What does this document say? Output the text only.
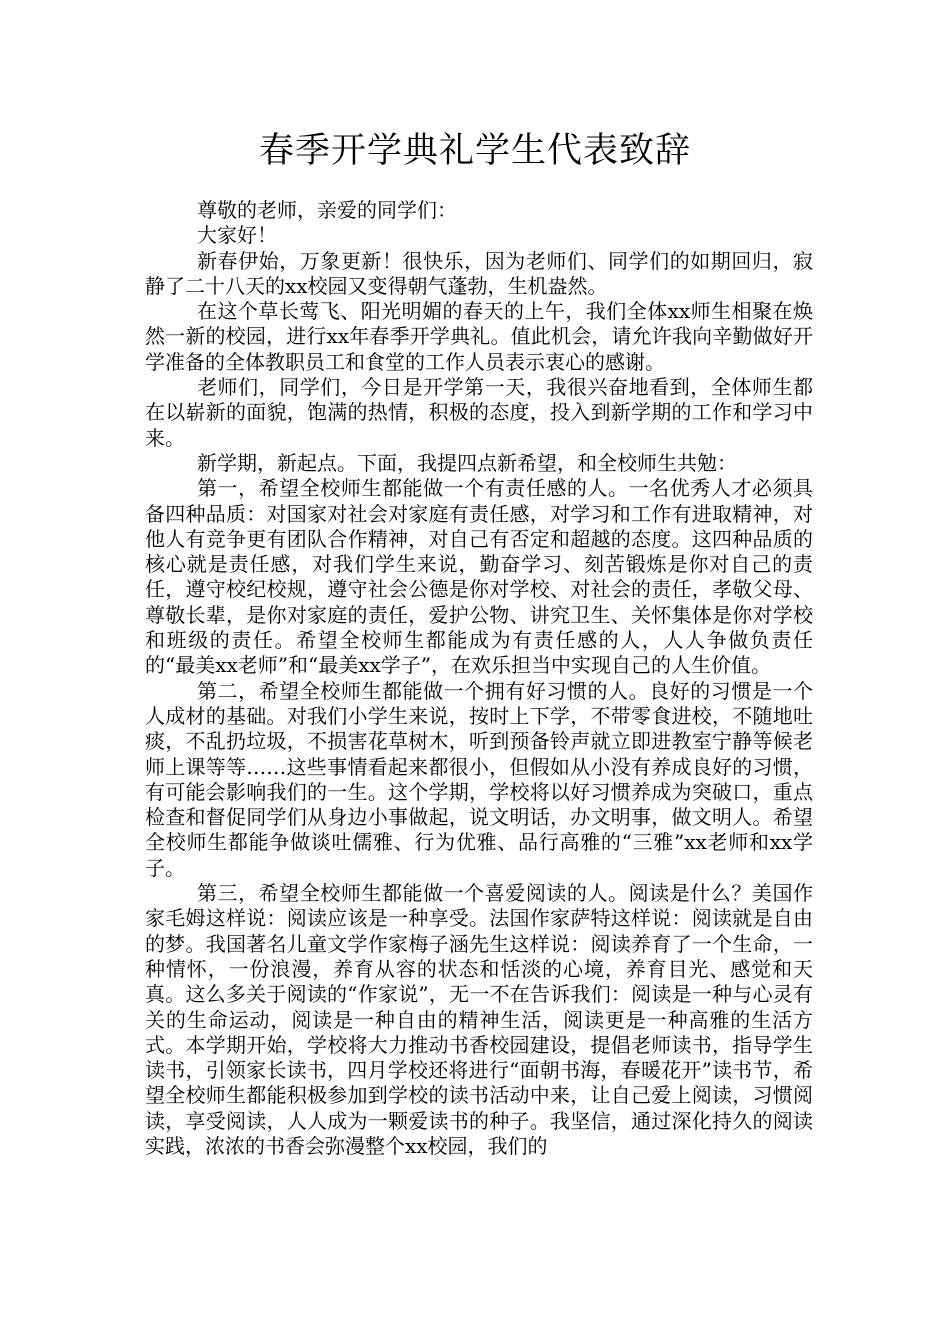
春季开学典礼学生代表致辞

尊敬的老师，亲爱的同学们：

大家好！

新春伊始，万象更新！很快乐，因为老师们、同学们的如期回归，寂静了二十八天的xx校园又变得朝气蓬勃，生机盎然。

在这个草长莺飞、阳光明媚的春天的上午，我们全体xx师生相聚在焕然一新的校园，进行xx年春季开学典礼。值此机会，请允许我向辛勤做好开学准备的全体教职员工和食堂的工作人员表示衷心的感谢。

老师们，同学们，今日是开学第一天，我很兴奋地看到，全体师生都在以崭新的面貌，饱满的热情，积极的态度，投入到新学期的工作和学习中来。

新学期，新起点。下面，我提四点新希望，和全校师生共勉：

第一，希望全校师生都能做一个有责任感的人。一名优秀人才必须具备四种品质：对国家对社会对家庭有责任感，对学习和工作有进取精神，对他人有竞争更有团队合作精神，对自己有否定和超越的态度。这四种品质的核心就是责任感，对我们学生来说，勤奋学习、刻苦锻炼是你对自己的责任，遵守校纪校规，遵守社会公德是你对学校、对社会的责任，孝敬父母、尊敬长辈，是你对家庭的责任，爱护公物、讲究卫生、关怀集体是你对学校和班级的责任。希望全校师生都能成为有责任感的人，人人争做负责任的“最美xx老师”和“最美xx学子”，在欢乐担当中实现自己的人生价值。

第二，希望全校师生都能做一个拥有好习惯的人。良好的习惯是一个人成材的基础。对我们小学生来说，按时上下学，不带零食进校，不随地吐痰，不乱扔垃圾，不损害花草树木，听到预备铃声就立即进教室宁静等候老师上课等等……这些事情看起来都很小，但假如从小没有养成良好的习惯，有可能会影响我们的一生。这个学期，学校将以好习惯养成为突破口，重点检查和督促同学们从身边小事做起，说文明话，办文明事，做文明人。希望全校师生都能争做谈吐儒雅、行为优雅、品行高雅的“三雅”xx老师和xx学子。

第三，希望全校师生都能做一个喜爱阅读的人。阅读是什么？美国作家毛姆这样说：阅读应该是一种享受。法国作家萨特这样说：阅读就是自由的梦。我国著名儿童文学作家梅子涵先生这样说：阅读养育了一个生命，一种情怀，一份浪漫，养育从容的状态和恬淡的心境，养育目光、感觉和天真。这么多关于阅读的“作家说”，无一不在告诉我们：阅读是一种与心灵有关的生命运动，阅读是一种自由的精神生活，阅读更是一种高雅的生活方式。本学期开始，学校将大力推动书香校园建设，提倡老师读书，指导学生读书，引领家长读书，四月学校还将进行“面朝书海，春暖花开”读书节，希望全校师生都能积极参加到学校的读书活动中来，让自己爱上阅读，习惯阅读，享受阅读，人人成为一颗爱读书的种子。我坚信，通过深化持久的阅读实践，浓浓的书香会弥漫整个xx校园，我们的
